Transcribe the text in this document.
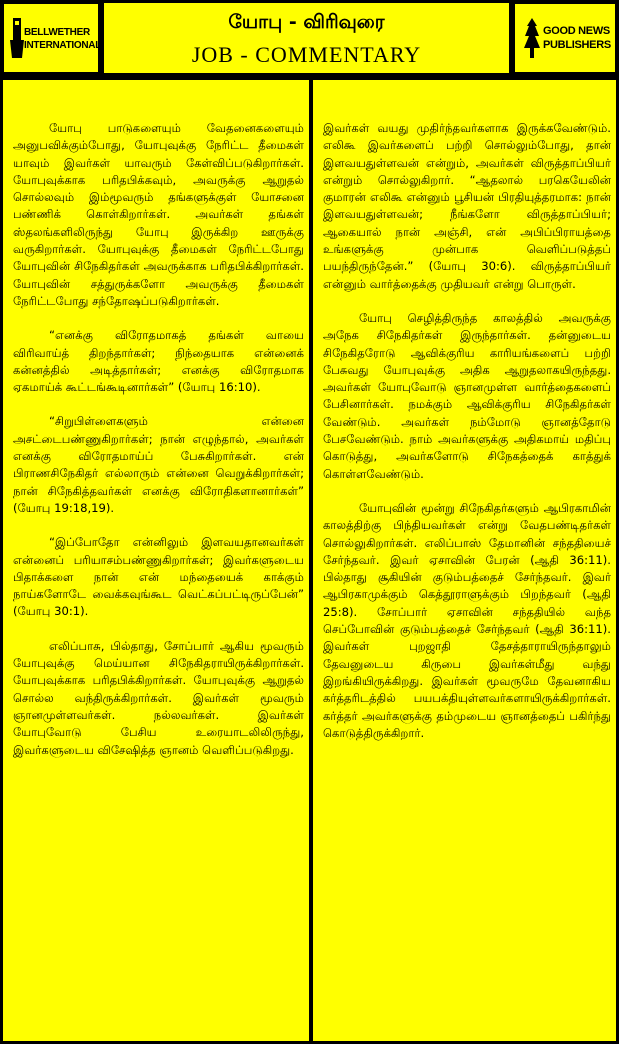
BELLWETHER
INTERNATIONAL
யோபு - விரிவுரை
JOB - COMMENTARY
GOOD NEWS
PUBLISHERS

யோபு பாடுகளையும் வேதனைகளையும் அனுபவிக்கும்போது, யோபுவுக்கு நேரிட்ட தீமைகள் யாவும் இவர்கள் யாவரும் கேள்விப்படுகிறார்கள். யோபுவுக்காக பரிதபிக்கவும், அவருக்கு ஆறுதல் சொல்லவும் இம்மூவரும் தங்களுக்குள் யோசனை பண்ணிக் கொள்கிறார்கள். அவர்கள் தங்கள் ஸ்தலங்களிலிருந்து யோபு இருக்கிற ஊருக்கு வருகிறார்கள். யோபுவுக்கு தீமைகள் நேரிட்டபோது யோபுவின் சிநேகிதர்கள் அவருக்காக பரிதபிக்கிறார்கள். யோபுவின் சத்துருக்களோ அவருக்கு தீமைகள் நேரிட்டபோது சந்தோஷப்படுகிறார்கள்.

“எனக்கு விரோதமாகத் தங்கள் வாயை விரிவாய்த் திறந்தார்கள்; நிந்தையாக என்னைக் கன்னத்தில் அடித்தார்கள்; எனக்கு விரோதமாக ஏகமாய்க் கூட்டங்கூடினார்கள்” (யோபு 16:10).

“சிறுபிள்ளைகளும் என்னை அசட்டைபண்ணுகிறார்கள்; நான் எழுந்தால், அவர்கள் எனக்கு விரோதமாய்ப் பேசுகிறார்கள். என் பிராணசிநேகிதர் எல்லாரும் என்னை வெறுக்கிறார்கள்; நான் சிநேகித்தவர்கள் எனக்கு விரோதிகளானார்கள்” (யோபு 19:18,19).

“இப்போதோ என்னிலும் இளவயதானவர்கள் என்னைப் பரியாசம்பண்ணுகிறார்கள்; இவர்களுடைய பிதாக்களை நான் என் மந்தையைக் காக்கும் நாய்களோடே வைக்கவுங்கூட வெட்கப்பட்டிருப்பேன்” (யோபு 30:1).

எலிப்பாசு, பில்தாது, சோப்பார் ஆகிய மூவரும் யோபுவுக்கு மெய்யான சிநேகிதராயிருக்கிறார்கள். யோபுவுக்காக பரிதபிக்கிறார்கள். யோபுவுக்கு ஆறுதல் சொல்ல வந்திருக்கிறார்கள். இவர்கள் மூவரும் ஞானமுள்ளவர்கள். நல்லவர்கள். இவர்கள் யோபுவோடு பேசிய உரையாடலிலிருந்து, இவர்களுடைய விசேஷித்த ஞானம் வெளிப்படுகிறது.

இவர்கள் வயது முதிர்ந்தவர்களாக இருக்கவேண்டும். எலிகூ இவர்களைப் பற்றி சொல்லும்போது, தான் இளவயதுள்ளவன் என்றும், அவர்கள் விருத்தாப்பியர் என்றும் சொல்லுகிறார். “ஆதலால் பரகெயேலின் குமாரன் எலிகூ என்னும் பூசியன் பிரதியுத்தரமாக: நான் இளவயதுள்ளவன்; நீங்களோ விருத்தாப்பியர்; ஆகையால் நான் அஞ்சி, என் அபிப்பிராயத்தை உங்களுக்கு முன்பாக வெளிப்படுத்தப் பயந்திருந்தேன்.” (யோபு 30:6). விருத்தாப்பியர் என்னும் வார்த்தைக்கு முதியவர் என்று பொருள்.

யோபு செழித்திருந்த காலத்தில் அவருக்கு அநேக சிநேகிதர்கள் இருந்தார்கள். தன்னுடைய சிநேகிதரோடு ஆவிக்குரிய காரியங்களைப் பற்றி பேசுவது யோபுவுக்கு அதிக ஆறுதலாகயிருந்தது. அவர்கள் யோபுவோடு ஞானமுள்ள வார்த்தைகளைப் பேசினார்கள். நமக்கும் ஆவிக்குரிய சிநேகிதர்கள் வேண்டும். அவர்கள் நம்மோடு ஞானத்தோடு பேசவேண்டும். நாம் அவர்களுக்கு அதிகமாய் மதிப்பு கொடுத்து, அவர்களோடு சிநேகத்தைக் காத்துக் கொள்ளவேண்டும்.

யோபுவின் மூன்று சிநேகிதர்களும் ஆபிரகாமின் காலத்திற்கு பிந்தியவர்கள் என்று வேதபண்டிதர்கள் சொல்லுகிறார்கள். எலிப்பாஸ் தேமானின் சந்ததியைச் சேர்ந்தவர். இவர் ஏசாவின் பேரன் (ஆதி 36:11). பில்தாது சூகியின் குடும்பத்தைச் சேர்ந்தவர். இவர் ஆபிரகாமுக்கும் கெத்தூராளுக்கும் பிறந்தவர் (ஆதி 25:8). சோப்பார் ஏசாவின் சந்ததியில் வந்த செப்போவின் குடும்பத்தைச் சேர்ந்தவர் (ஆதி 36:11). இவர்கள் புறஜாதி தேசத்தாராயிருந்தாலும் தேவனுடைய கிருபை இவர்கள்மீது வந்து இறங்கியிருக்கிறது. இவர்கள் மூவருமே தேவனாகிய கர்த்தரிடத்தில் பயபக்தியுள்ளவர்களாயிருக்கிறார்கள். கர்த்தர் அவர்களுக்கு தம்முடைய ஞானத்தைப் பகிர்ந்து கொடுத்திருக்கிறார்.
